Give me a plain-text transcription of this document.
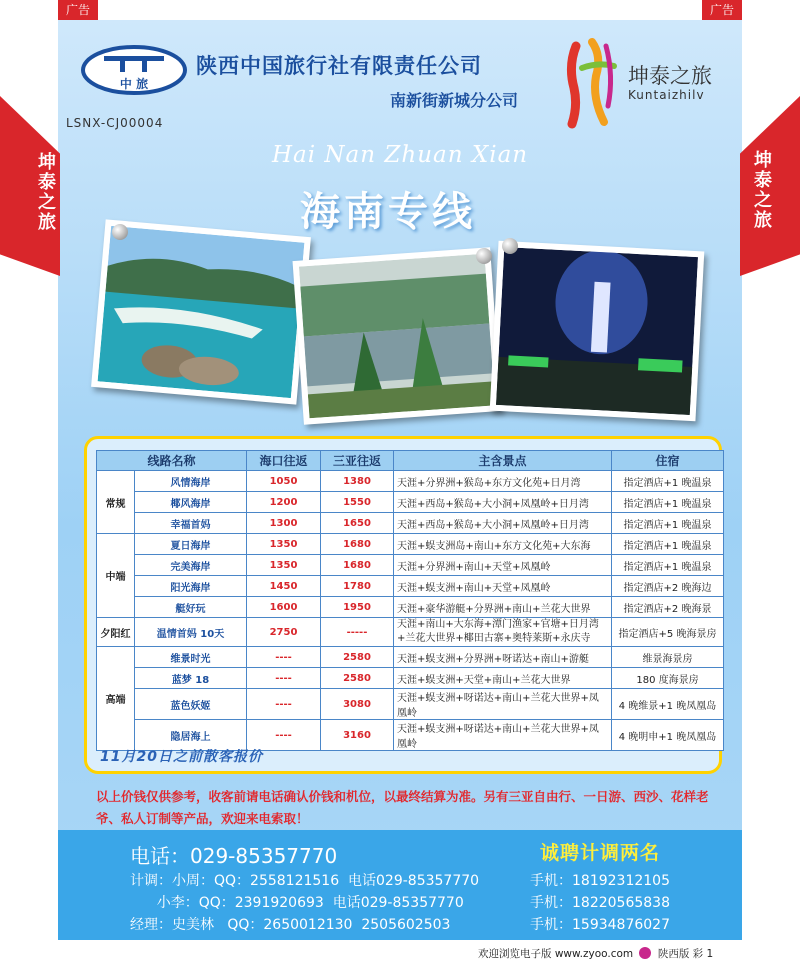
广告	广告
坤泰之旅	坤泰之旅
中 旅
陕西中国旅行社有限责任公司
南新街新城分公司
坤泰之旅
Kuntaizhilv
LSNX-CJ00004
Hai Nan Zhuan Xian
海南专线
线路名称		海口往返	三亚往返	主含景点	住宿
常规	风情海岸	1050	1380	天涯+分界洲+猴岛+东方文化苑+日月湾	指定酒店+1 晚温泉
	椰风海岸	1200	1550	天涯+西岛+猴岛+大小洞+凤凰岭+日月湾	指定酒店+1 晚温泉
	幸福首妈	1300	1650	天涯+西岛+猴岛+大小洞+凤凰岭+日月湾	指定酒店+1 晚温泉
中端	夏日海岸	1350	1680	天涯+蜈支洲岛+南山+东方文化苑+大东海	指定酒店+1 晚温泉
	完美海岸	1350	1680	天涯+分界洲+南山+天堂+凤凰岭	指定酒店+1 晚温泉
	阳光海岸	1450	1780	天涯+蜈支洲+南山+天堂+凤凰岭	指定酒店+2 晚海边
	艇好玩	1600	1950	天涯+豪华游艇+分界洲+南山+兰花大世界	指定酒店+2 晚海景
夕阳红	温情首妈 10天	2750	-----	天涯+南山+大东海+潭门渔家+官塘+日月湾+兰花大世界+椰田古寨+奥特莱斯+永庆寺	指定酒店+5 晚海景房
高端	维景时光	----	2580	天涯+蜈支洲+分界洲+呀诺达+南山+游艇	维景海景房
	蓝梦 18	----	2580	天涯+蜈支洲+天堂+南山+兰花大世界	180 度海景房
	蓝色妖姬	----	3080	天涯+蜈支洲+呀诺达+南山+兰花大世界+凤凰岭	4 晚维景+1 晚凤凰岛
	隐居海上	----	3160	天涯+蜈支洲+呀诺达+南山+兰花大世界+凤凰岭	4 晚明申+1 晚凤凰岛
11月20日之前散客报价
以上价钱仅供参考，收客前请电话确认价钱和机位，以最终结算为准。另有三亚自由行、一日游、西沙、花样老爷、私人订制等产品，欢迎来电索取！
电话：029-85357770	诚聘计调两名
计调：小周：QQ：2558121516  电话029-85357770
小李：QQ：2391920693  电话029-85357770
经理：史美林   QQ：2650012130  2505602503
手机：18192312105
手机：18220565838
手机：15934876027
欢迎浏览电子版 www.zyoo.com 陕西版 彩 1
